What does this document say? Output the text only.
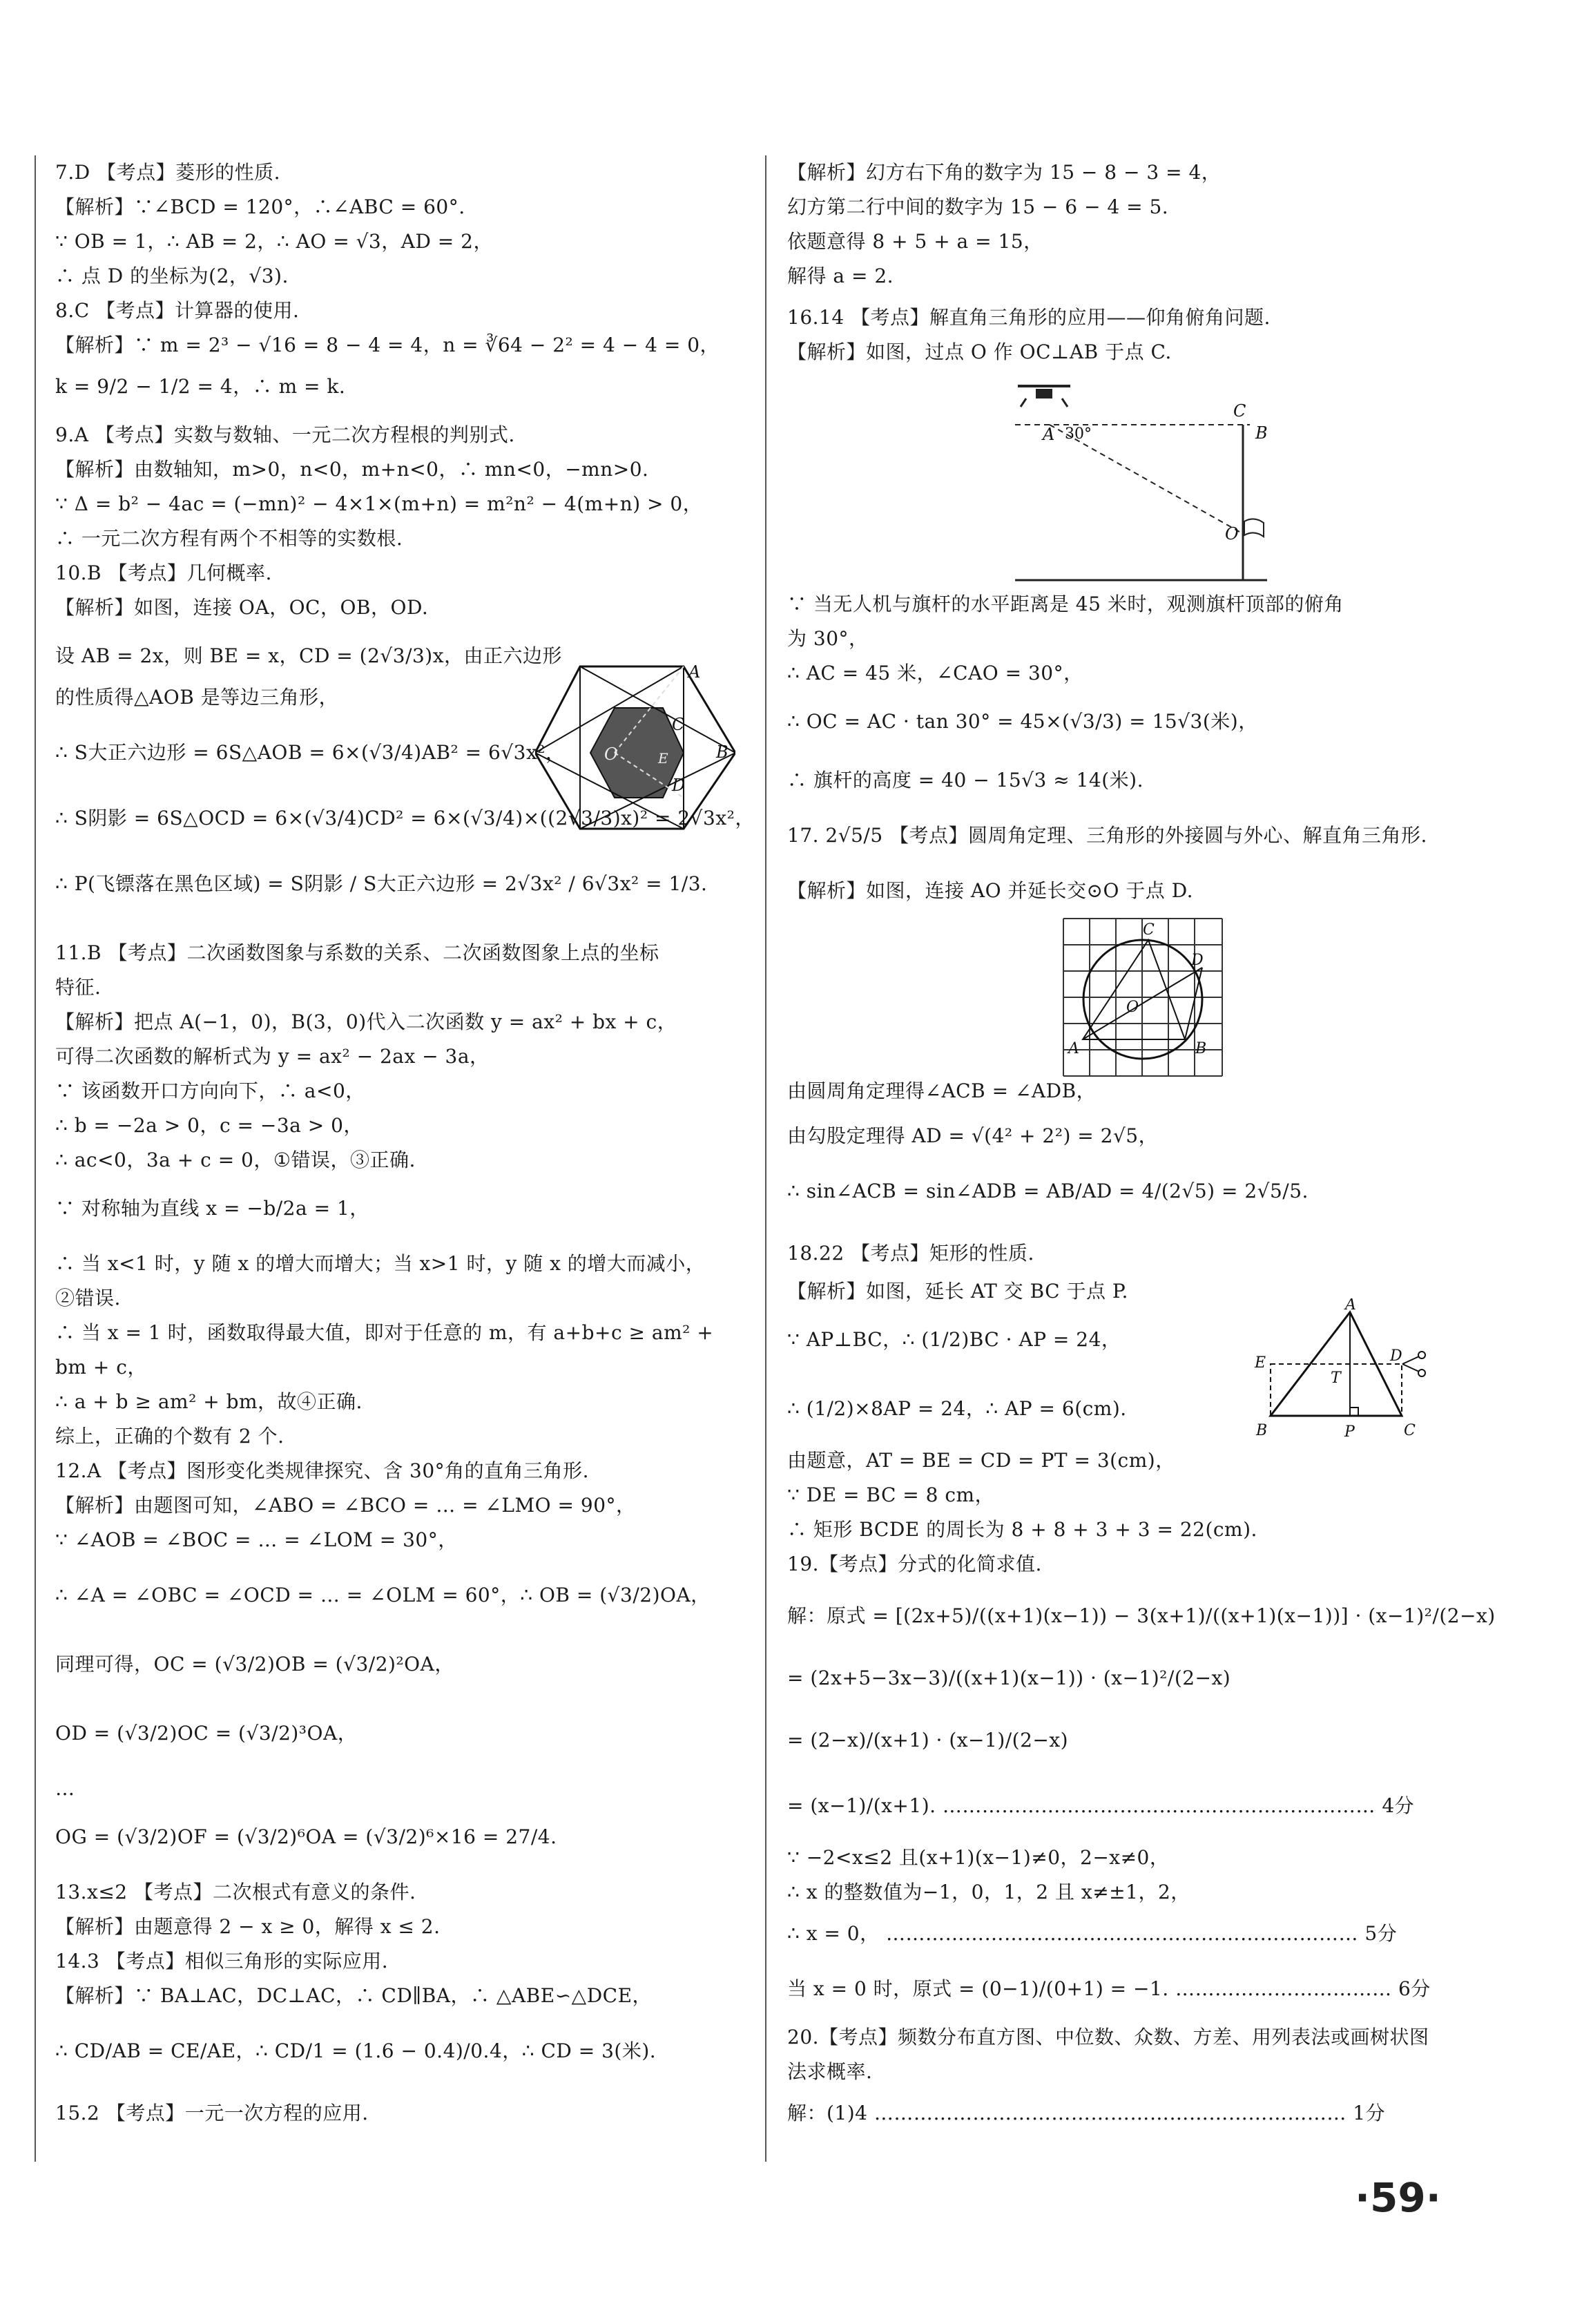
7.D 【考点】菱形的性质.
【解析】∵∠BCD = 120°，∴∠ABC = 60°.
∵ OB = 1，∴ AB = 2，∴ AO = √3，AD = 2，
∴ 点 D 的坐标为(2，√3).
8.C 【考点】计算器的使用.
【解析】∵ m = 2³ − √16 = 8 − 4 = 4，n = ∛64 − 2² = 4 − 4 = 0，
k = 9/2 − 1/2 = 4，∴ m = k.
9.A 【考点】实数与数轴、一元二次方程根的判别式.
【解析】由数轴知，m>0，n<0，m+n<0，∴ mn<0，−mn>0.
∵ Δ = b² − 4ac = (−mn)² − 4×1×(m+n) = m²n² − 4(m+n) > 0，
∴ 一元二次方程有两个不相等的实数根.
10.B 【考点】几何概率.
【解析】如图，连接 OA，OC，OB，OD.
设 AB = 2x，则 BE = x，CD = (2√3/3)x，由正六边形
的性质得△AOB 是等边三角形，
∴ S大正六边形 = 6S△AOB = 6×(√3/4)AB² = 6√3x²，
∴ S阴影 = 6S△OCD = 6×(√3/4)CD² = 6×(√3/4)×((2√3/3)x)² = 2√3x²，
∴ P(飞镖落在黑色区域) = S阴影 / S大正六边形 = 2√3x² / 6√3x² = 1/3.
11.B 【考点】二次函数图象与系数的关系、二次函数图象上点的坐标
特征.
【解析】把点 A(−1，0)，B(3，0)代入二次函数 y = ax² + bx + c，
可得二次函数的解析式为 y = ax² − 2ax − 3a，
∵ 该函数开口方向向下，∴ a<0，
∴ b = −2a > 0，c = −3a > 0，
∴ ac<0，3a + c = 0，①错误，③正确.
∵ 对称轴为直线 x = −b/2a = 1，
∴ 当 x<1 时，y 随 x 的增大而增大；当 x>1 时，y 随 x 的增大而减小，
②错误.
∴ 当 x = 1 时，函数取得最大值，即对于任意的 m，有 a+b+c ≥ am² +
bm + c，
∴ a + b ≥ am² + bm，故④正确.
综上，正确的个数有 2 个.
12.A 【考点】图形变化类规律探究、含 30°角的直角三角形.
【解析】由题图可知，∠ABO = ∠BCO = … = ∠LMO = 90°，
∵ ∠AOB = ∠BOC = … = ∠LOM = 30°，
∴ ∠A = ∠OBC = ∠OCD = … = ∠OLM = 60°，∴ OB = (√3/2)OA，
同理可得，OC = (√3/2)OB = (√3/2)²OA，
OD = (√3/2)OC = (√3/2)³OA，
…
OG = (√3/2)OF = (√3/2)⁶OA = (√3/2)⁶×16 = 27/4.
13.x≤2 【考点】二次根式有意义的条件.
【解析】由题意得 2 − x ≥ 0，解得 x ≤ 2.
14.3 【考点】相似三角形的实际应用.
【解析】∵ BA⊥AC，DC⊥AC，∴ CD∥BA，∴ △ABE∽△DCE，
∴ CD/AB = CE/AE，∴ CD/1 = (1.6 − 0.4)/0.4，∴ CD = 3(米).
15.2 【考点】一元一次方程的应用.
A
B
C
D
E
O
【解析】幻方右下角的数字为 15 − 8 − 3 = 4，
幻方第二行中间的数字为 15 − 6 − 4 = 5.
依题意得 8 + 5 + a = 15，
解得 a = 2.
16.14 【考点】解直角三角形的应用——仰角俯角问题.
【解析】如图，过点 O 作 OC⊥AB 于点 C.
∵ 当无人机与旗杆的水平距离是 45 米时，观测旗杆顶部的俯角
为 30°，
∴ AC = 45 米，∠CAO = 30°，
∴ OC = AC · tan 30° = 45×(√3/3) = 15√3(米)，
∴ 旗杆的高度 = 40 − 15√3 ≈ 14(米).
17. 2√5/5 【考点】圆周角定理、三角形的外接圆与外心、解直角三角形.
【解析】如图，连接 AO 并延长交⊙O 于点 D.
由圆周角定理得∠ACB = ∠ADB，
由勾股定理得 AD = √(4² + 2²) = 2√5，
∴ sin∠ACB = sin∠ADB = AB/AD = 4/(2√5) = 2√5/5.
18.22 【考点】矩形的性质.
【解析】如图，延长 AT 交 BC 于点 P.
∵ AP⊥BC，∴ (1/2)BC · AP = 24，
∴ (1/2)×8AP = 24，∴ AP = 6(cm).
由题意，AT = BE = CD = PT = 3(cm)，
∵ DE = BC = 8 cm，
∴ 矩形 BCDE 的周长为 8 + 8 + 3 + 3 = 22(cm).
19.【考点】分式的化简求值.
解：原式 = [(2x+5)/((x+1)(x−1)) − 3(x+1)/((x+1)(x−1))] · (x−1)²/(2−x)
= (2x+5−3x−3)/((x+1)(x−1)) · (x−1)²/(2−x)
= (2−x)/(x+1) · (x−1)/(2−x)
= (x−1)/(x+1). ………………………………………………………… 4分
∵ −2<x≤2 且(x+1)(x−1)≠0，2−x≠0，
∴ x 的整数值为−1，0，1，2 且 x≠±1，2，
∴ x = 0， ……………………………………………………………… 5分
当 x = 0 时，原式 = (0−1)/(0+1) = −1. …………………………… 6分
20.【考点】频数分布直方图、中位数、众数、方差、用列表法或画树状图
法求概率.
解：(1)4 ……………………………………………………………… 1分
A 30°
C
B
O
C
D
O
A	B
A
E
T
D
B	P	C
·59·
